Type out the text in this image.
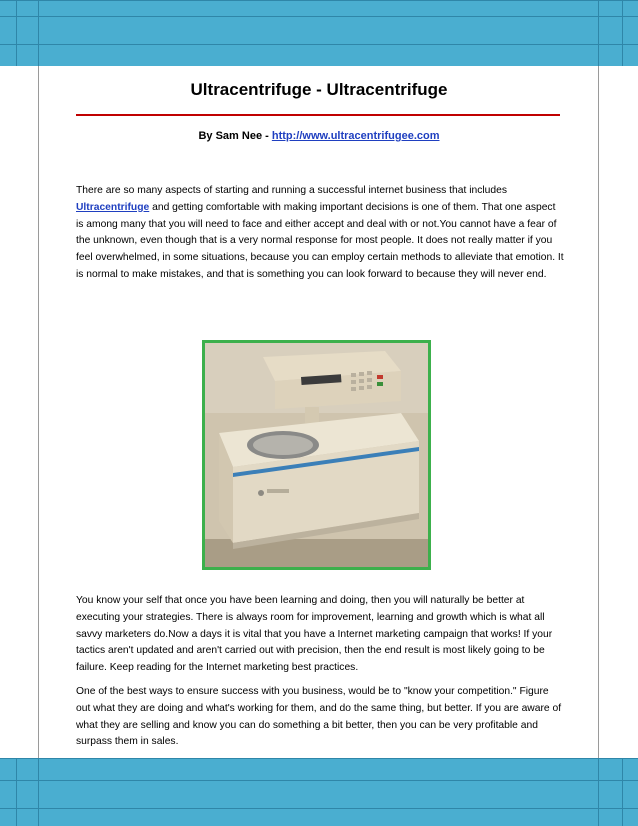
Ultracentrifuge - Ultracentrifuge
By Sam Nee - http://www.ultracentrifugee.com
There are so many aspects of starting and running a successful internet business that includes Ultracentrifuge and getting comfortable with making important decisions is one of them. That one aspect is among many that you will need to face and either accept and deal with or not.You cannot have a fear of the unknown, even though that is a very normal response for most people. It does not really matter if you feel overwhelmed, in some situations, because you can employ certain methods to alleviate that emotion. It is normal to make mistakes, and that is something you can look forward to because they will never end.
You know your self that once you have been learning and doing, then you will naturally be better at executing your strategies. There is always room for improvement, learning and growth which is what all savvy marketers do.Now a days it is vital that you have a Internet marketing campaign that works! If your tactics aren't updated and aren't carried out with precision, then the end result is most likely going to be failure. Keep reading for the Internet marketing best practices.
One of the best ways to ensure success with you business, would be to "know your competition." Figure out what they are doing and what's working for them, and do the same thing, but better. If you are aware of what they are selling and know you can do something a bit better, then you can be very profitable and surpass them in sales.
